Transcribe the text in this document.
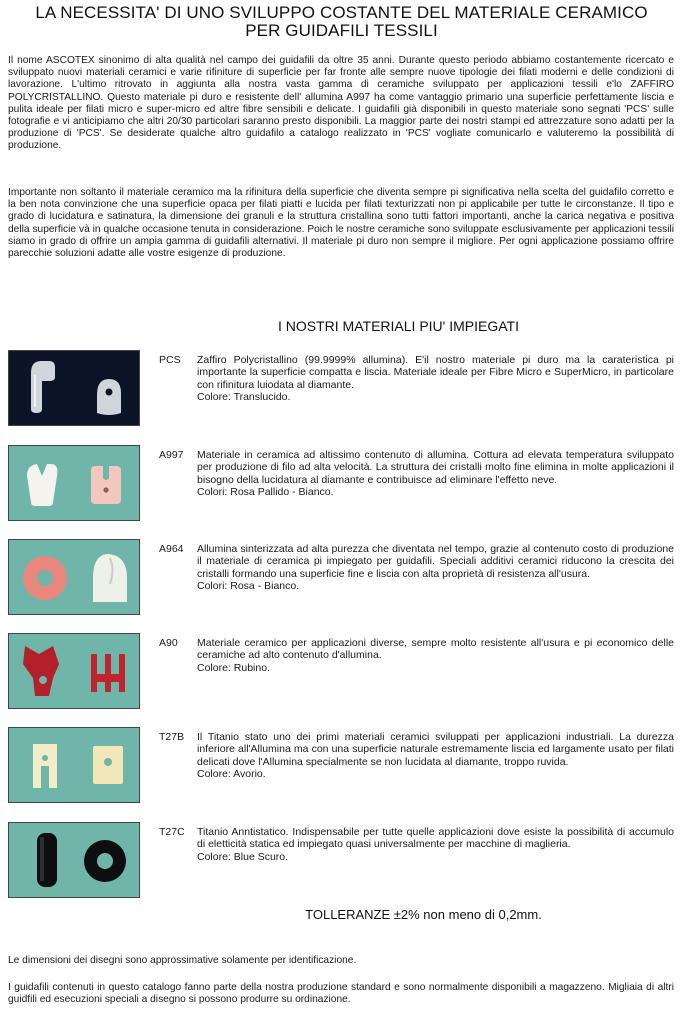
LA NECESSITA' DI UNO SVILUPPO COSTANTE DEL MATERIALE CERAMICO
PER GUIDAFILI TESSILI

Il nome ASCOTEX sinonimo di alta qualità nel campo dei guidafili da oltre 35 anni. Durante questo periodo abbiamo costantemente ricercato e sviluppato nuovi materiali ceramici e varie rifiniture di superficie per far fronte alle sempre nuove tipologie dei filati moderni e delle condizioni di lavorazione. L'ultimo ritrovato in aggiunta alla nostra vasta gamma di ceramiche sviluppato per applicazioni tessili e'lo ZAFFIRO POLYCRISTALLINO. Questo materiale pi duro e resistente dell' allumina A997 ha come vantaggio primario una superficie perfettamente liscia e pulita ideale per filati micro e super-micro ed altre fibre sensibili e delicate. I guidafili già disponibili in questo materiale sono segnati 'PCS' sulle fotografie e vi anticipiamo che altri 20/30 particolari saranno presto disponibili. La maggior parte dei nostri stampi ed attrezzature sono adatti per la produzione di 'PCS'. Se desiderate qualche altro guidafilo a catalogo realizzato in 'PCS' vogliate comunicarlo e valuteremo la possibilità di produzione.

Importante non soltanto il materiale ceramico ma la rifinitura della superficie che diventa sempre pi significativa nella scelta del guidafilo corretto e la ben nota convinzione che una superficie opaca per filati piatti e lucida per filati texturizzati non pi applicabile per tutte le circonstanze. Il tipo e grado di lucidatura e satinatura, la dimensione dei granuli e la struttura cristallina sono tutti fattori importanti, anche la carica negativa e positiva della superficie và in qualche occasione tenuta in considerazione. Poich le nostre ceramiche sono sviluppate esclusivamente per applicazioni tessili siamo in grado di offrire un ampia gamma di guidafili alternativi. Il materiale pi duro non sempre il migliore. Per ogni applicazione possiamo offrire parecchie soluzioni adatte alle vostre esigenze di produzione.

I NOSTRI MATERIALI PIU' IMPIEGATI
PCS Zaffiro Polycristallino (99.9999% allumina). E'il nostro materiale pi duro ma la carateristica pi importante la superficie compatta e liscia. Materiale ideale per Fibre Micro e SuperMicro, in particolare con rifinitura luiodata al diamante.
Colore: Translucido.
A997 Materiale in ceramica ad altissimo contenuto di allumina. Cottura ad elevata temperatura sviluppato per produzione di filo ad alta velocità. La struttura dei cristalli molto fine elimina in molte applicazioni il bisogno della lucidatura al diamante e contribuisce ad eliminare l'effetto neve.
Colori: Rosa Pallido - Bianco.
A964 Allumina sinterizzata ad alta purezza che diventata nel tempo, grazie al contenuto costo di produzione il materiale di ceramica pi impiegato per guidafili. Speciali additivi ceramici riducono la crescita dei cristalli formando una superficie fine e liscia con alta proprietà di resistenza all'usura.
Colori: Rosa - Bianco.
A90 Materiale ceramico per applicazioni diverse, sempre molto resistente all'usura e pi economico delle ceramiche ad alto contenuto d'allumina.
Colore: Rubino.
T27B Il Titanio stato uno dei primi materiali ceramici sviluppati per applicazioni industriali. La durezza inferiore all'Allumina ma con una superficie naturale estremamente liscia ed largamente usato per filati delicati dove l'Allumina specialmente se non lucidata al diamante, troppo ruvida.
Colore: Avorio.
T27C Titanio Anntistatico. Indispensabile per tutte quelle applicazioni dove esiste la possibilità di accumulo di eletticità statica ed impiegato quasi universalmente per macchine di maglieria.
Colore: Blue Scuro.
TOLLERANZE ±2% non meno di 0,2mm.

Le dimensioni dei disegni sono approssimative solamente per identificazione.

I guidafili contenuti in questo catalogo fanno parte della nostra produzione standard e sono normalmente disponibili a magazzeno. Migliaia di altri guidfili ed esecuzioni speciali a disegno si possono produrre su ordinazione.
